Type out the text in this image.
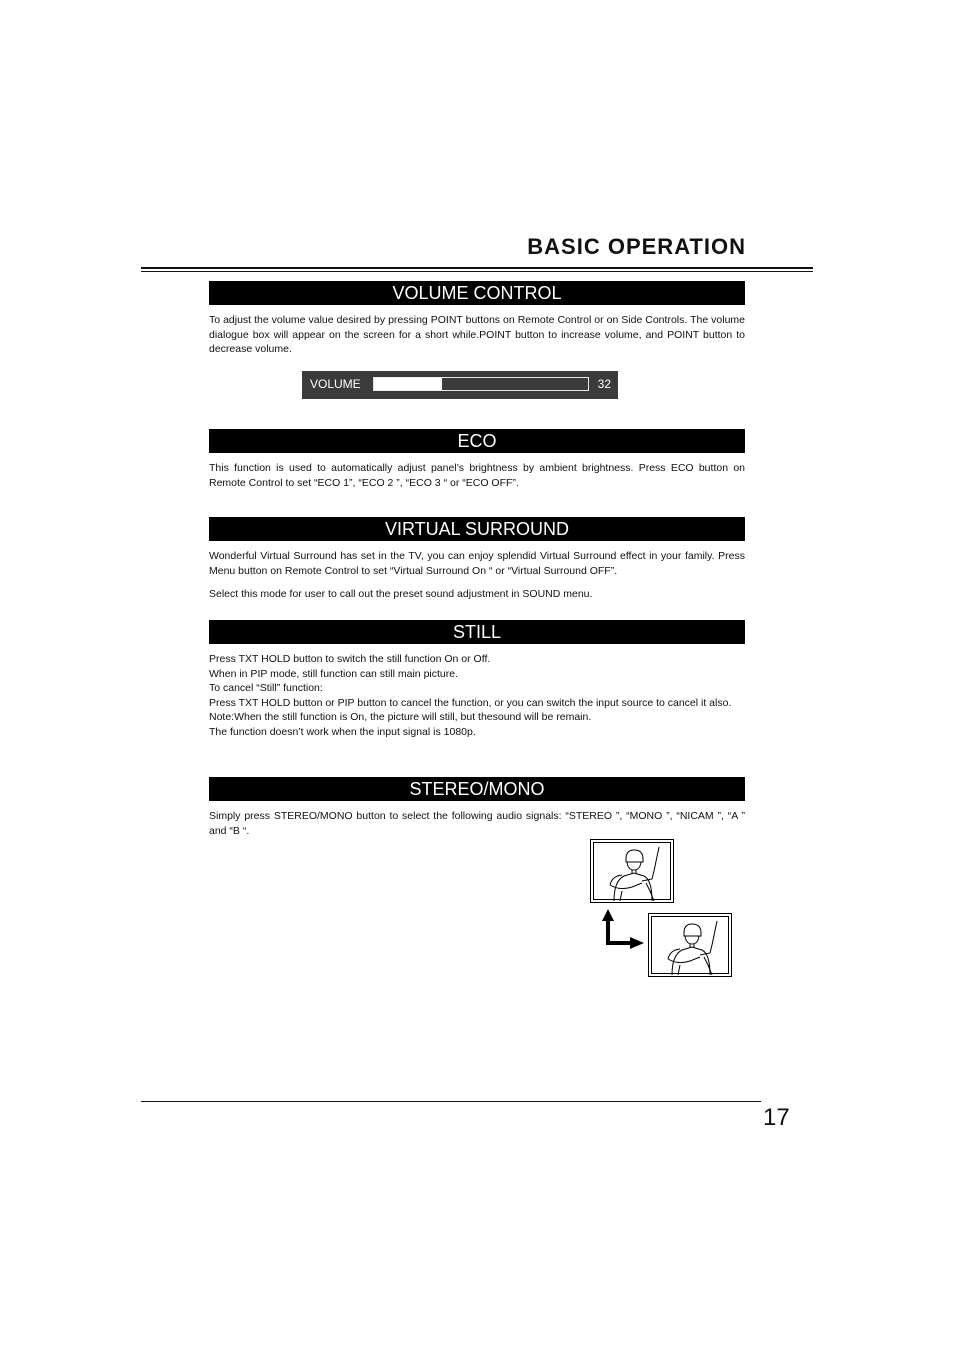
BASIC OPERATION
VOLUME CONTROL
To adjust the volume value desired by pressing POINT buttons on Remote Control or on Side Controls. The volume dialogue box will appear on the screen for a short while.POINT button to increase volume, and POINT button to decrease volume.
VOLUME	32
ECO
This function is used to automatically adjust panel’s brightness by ambient brightness. Press ECO button on Remote Control to set “ECO 1”, “ECO 2 ”, “ECO 3 “ or “ECO OFF”.
VIRTUAL SURROUND
Wonderful Virtual Surround has set in the TV, you can enjoy splendid Virtual Surround effect in your family. Press Menu button on Remote Control to set “Virtual Surround On “ or “Virtual Surround OFF”.
Select this mode for user to call out the preset sound adjustment in SOUND menu.
STILL
Press TXT HOLD button to switch the still function On or Off.
When in PIP mode, still function can still main picture.
To cancel “Still” function:
Press TXT HOLD button or PIP button to cancel the function, or you can switch the input source to cancel it also.
Note:When the still function is On, the picture will still, but thesound will be remain.
The function doesn’t work when the input signal is 1080p.
STEREO/MONO
Simply press STEREO/MONO button to select the following audio signals: “STEREO ”, “MONO ”, “NICAM ”, “A ” and “B “.
17
